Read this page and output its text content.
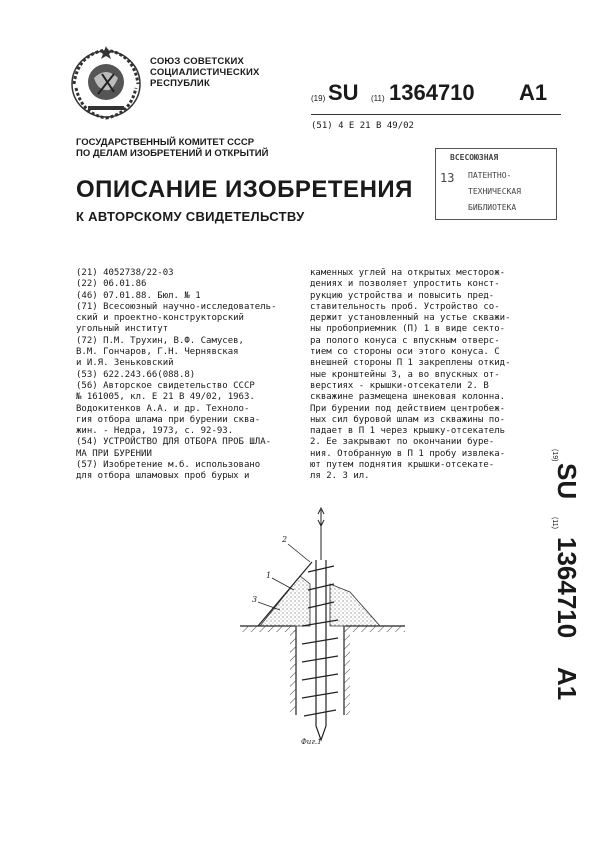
СОЮЗ СОВЕТСКИХ
СОЦИАЛИСТИЧЕСКИХ
РЕСПУБЛИК
(19) SU (11) 1364710 A1
(51) 4 Е 21 В 49/02
ГОСУДАРСТВЕННЫЙ КОМИТЕТ СССР
ПО ДЕЛАМ ИЗОБРЕТЕНИЙ И ОТКРЫТИЙ
ОПИСАНИЕ ИЗОБРЕТЕНИЯ
К АВТОРСКОМУ СВИДЕТЕЛЬСТВУ
ВСЕСОЮЗНАЯ
13 ПАТЕНТНО-
ТЕХНИЧЕСКАЯ
БИБЛИОТЕКА
(21) 4052738/22-03
(22) 06.01.86
(46) 07.01.88. Бюл. № 1
(71) Всесоюзный научно-исследователь-
ский и проектно-конструкторский
угольный институт
(72) П.М. Трухин, В.Ф. Самусев,
В.М. Гончаров, Г.Н. Чернявская
и И.Я. Зеньковский
(53) 622.243.66(088.8)
(56) Авторское свидетельство СССР
№ 161005, кл. Е 21 В 49/02, 1963.
Водокитенков А.А. и др. Техноло-
гия отбора шлама при бурении сква-
жин. - Недра, 1973, с. 92-93.
(54) УСТРОЙСТВО ДЛЯ ОТБОРА ПРОБ ШЛА-
МА ПРИ БУРЕНИИ
(57) Изобретение м.б. использовано
для отбора шламовых проб бурых и
каменных углей на открытых месторож-
дениях и позволяет упростить конст-
рукцию устройства и повысить пред-
ставительность проб. Устройство со-
держит установленный на устье скважи-
ны пробоприемник (П) 1 в виде секто-
ра полого конуса с впускным отверс-
тием со стороны оси этого конуса. С
внешней стороны П 1 закреплены откид-
ные кронштейны 3, а во впускных от-
верстиях - крышки-отсекатели 2. В
скважине размещена шнековая колонна.
При бурении под действием центробеж-
ных сил буровой шлам из скважины по-
падает в П 1 через крышку-отсекатель
2. Ее закрывают по окончании буре-
ния. Отобранную в П 1 пробу извлека-
ют путем поднятия крышки-отсекате-
ля 2. 3 ил.
(19)
SU
(11)
1364710
A1
2
1
3
Фиг.1
